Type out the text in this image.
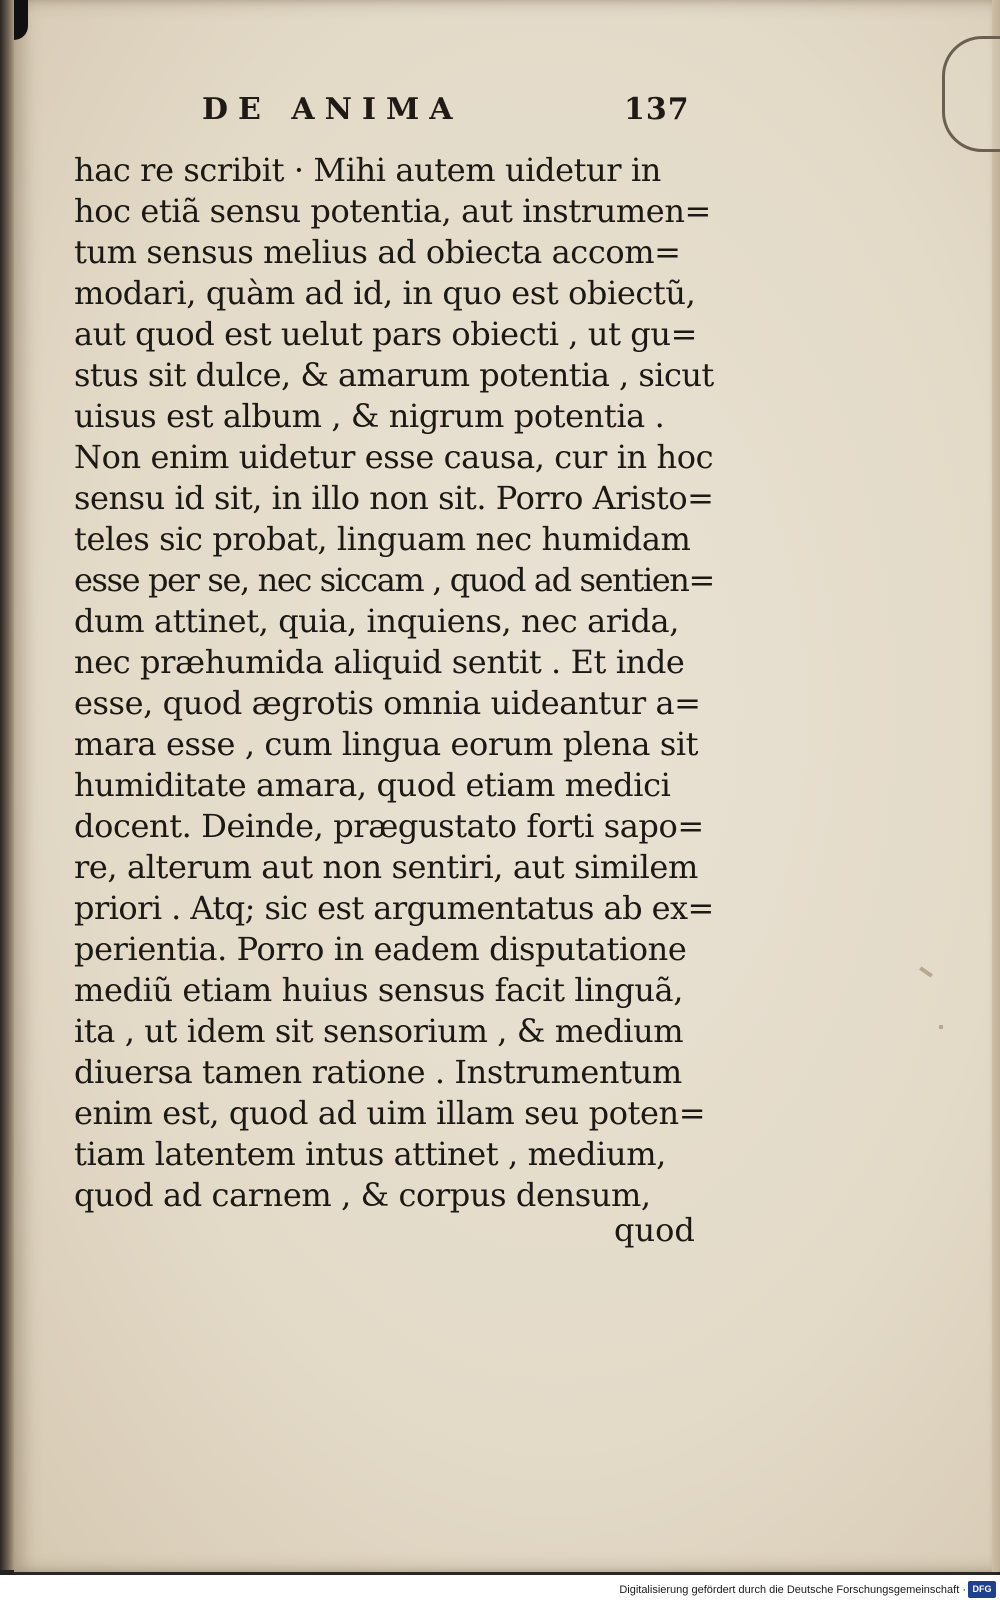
DE ANIMA	137
hac re scribit · Mihi autem uidetur in
hoc etiã sensu potentia, aut instrumen=
tum sensus melius ad obiecta accom=
modari, quàm ad id, in quo est obiectũ,
aut quod est uelut pars obiecti , ut gu=
stus sit dulce, & amarum potentia , sicut
uisus est album , & nigrum potentia .
Non enim uidetur esse causa, cur in hoc
sensu id sit, in illo non sit. Porro Aristo=
teles sic probat, linguam nec humidam
esse per se, nec siccam , quod ad sentien=
dum attinet, quia, inquiens, nec arida,
nec præhumida aliquid sentit . Et inde
esse, quod ægrotis omnia uideantur a=
mara esse , cum lingua eorum plena sit
humiditate amara, quod etiam medici
docent. Deinde, prægustato forti sapo=
re, alterum aut non sentiri, aut similem
priori . Atq; sic est argumentatus ab ex=
perientia. Porro in eadem disputatione
mediũ etiam huius sensus facit linguã,
ita , ut idem sit sensorium , & medium
diuersa tamen ratione . Instrumentum
enim est, quod ad uim illam seu poten=
tiam latentem intus attinet , medium,
quod ad carnem , & corpus densum,
quod
Digitalisierung gefördert durch die Deutsche Forschungsgemeinschaft · DFG
